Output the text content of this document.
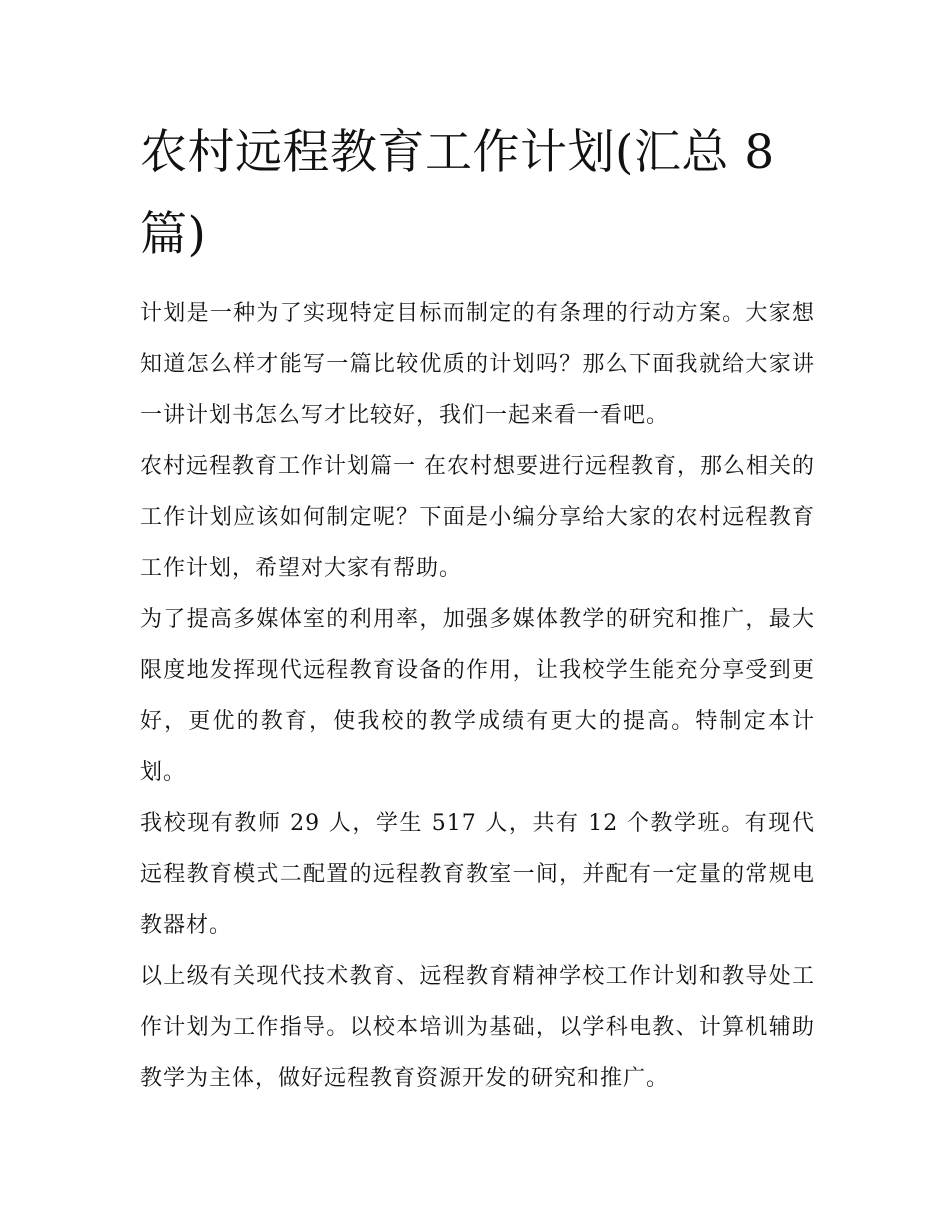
农村远程教育工作计划(汇总 8
篇)

计划是一种为了实现特定目标而制定的有条理的行动方案。大家想知道怎么样才能写一篇比较优质的计划吗？那么下面我就给大家讲一讲计划书怎么写才比较好，我们一起来看一看吧。

农村远程教育工作计划篇一 在农村想要进行远程教育，那么相关的工作计划应该如何制定呢？下面是小编分享给大家的农村远程教育工作计划，希望对大家有帮助。

为了提高多媒体室的利用率，加强多媒体教学的研究和推广，最大限度地发挥现代远程教育设备的作用，让我校学生能充分享受到更好，更优的教育，使我校的教学成绩有更大的提高。特制定本计划。

我校现有教师 29 人，学生 517 人，共有 12 个教学班。有现代远程教育模式二配置的远程教育教室一间，并配有一定量的常规电教器材。

以上级有关现代技术教育、远程教育精神学校工作计划和教导处工作计划为工作指导。以校本培训为基础，以学科电教、计算机辅助教学为主体，做好远程教育资源开发的研究和推广。
